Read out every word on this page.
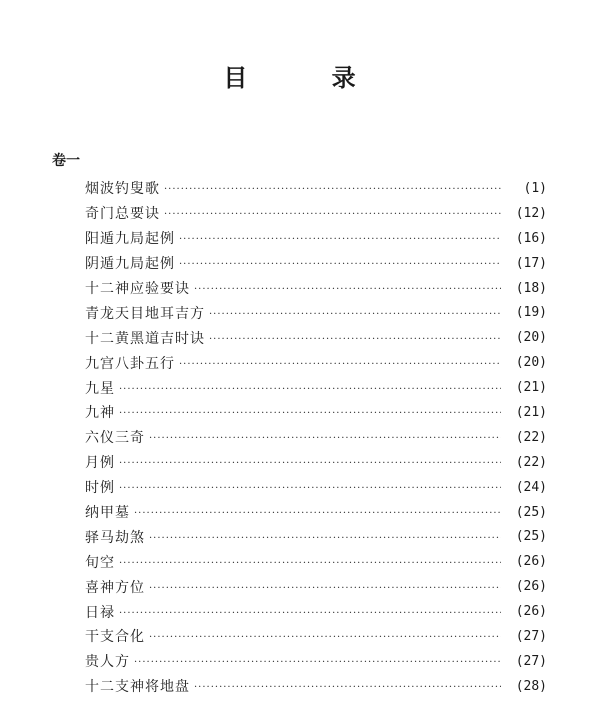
目 录
卷一
烟波钓叟歌 ·····	(1)
奇门总要诀 ·····	(12)
阳遁九局起例 ·····	(16)
阴遁九局起例 ·····	(17)
十二神应验要诀 ·····	(18)
青龙天目地耳吉方 ·····	(19)
十二黄黑道吉时诀 ·····	(20)
九宫八卦五行 ·····	(20)
九星 ·····	(21)
九神 ·····	(21)
六仪三奇 ·····	(22)
月例 ·····	(22)
时例 ·····	(24)
纳甲墓 ·····	(25)
驿马劫煞 ·····	(25)
旬空 ·····	(26)
喜神方位 ·····	(26)
日禄 ·····	(26)
干支合化 ·····	(27)
贵人方 ·····	(27)
十二支神将地盘 ·····	(28)
